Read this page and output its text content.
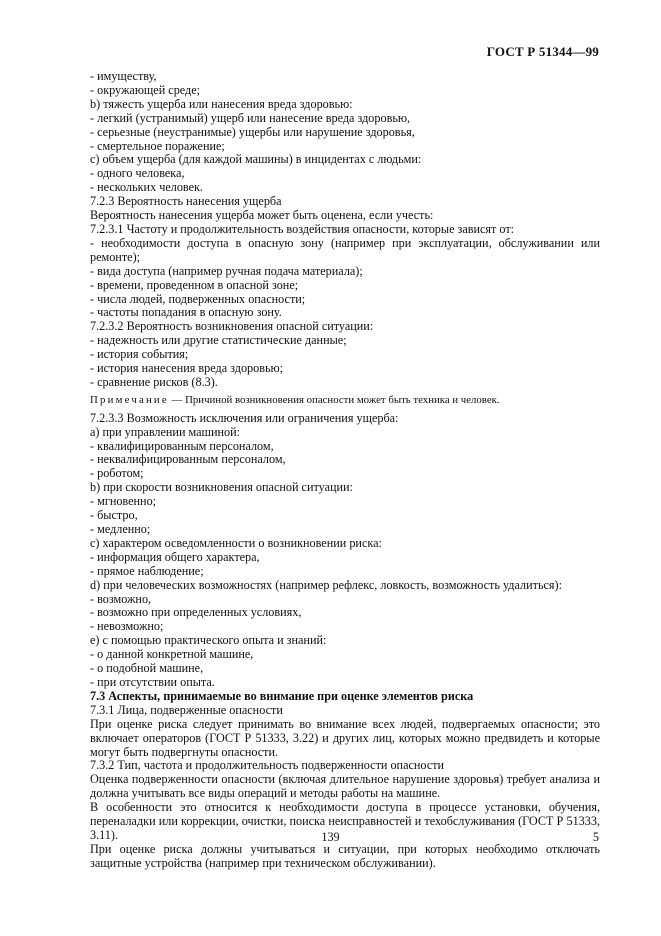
ГОСТ Р 51344—99
- имуществу,
- окружающей среде;
b) тяжесть ущерба или нанесения вреда здоровью:
- легкий (устранимый) ущерб или нанесение вреда здоровью,
- серьезные (неустранимые) ущербы или нарушение здоровья,
- смертельное поражение;
c) объем ущерба (для каждой машины) в инцидентах с людьми:
- одного человека,
- нескольких человек.
7.2.3 Вероятность нанесения ущерба
Вероятность нанесения ущерба может быть оценена, если учесть:
7.2.3.1 Частоту и продолжительность воздействия опасности, которые зависят от:
- необходимости доступа в опасную зону (например при эксплуатации, обслуживании или ремонте);
- вида доступа (например ручная подача материала);
- времени, проведенном в опасной зоне;
- числа людей, подверженных опасности;
- частоты попадания в опасную зону.
7.2.3.2 Вероятность возникновения опасной ситуации:
- надежность или другие статистические данные;
- история события;
- история нанесения вреда здоровью;
- сравнение рисков (8.3).
Примечание — Причиной возникновения опасности может быть техника и человек.
7.2.3.3 Возможность исключения или ограничения ущерба:
a) при управлении машиной:
- квалифицированным персоналом,
- неквалифицированным персоналом,
- роботом;
b) при скорости возникновения опасной ситуации:
- мгновенно;
- быстро,
- медленно;
c) характером осведомленности о возникновении риска:
- информация общего характера,
- прямое наблюдение;
d) при человеческих возможностях (например рефлекс, ловкость, возможность удалиться):
- возможно,
- возможно при определенных условиях,
- невозможно;
e) с помощью практического опыта и знаний:
- о данной конкретной машине,
- о подобной машине,
- при отсутствии опыта.
7.3 Аспекты, принимаемые во внимание при оценке элементов риска
7.3.1 Лица, подверженные опасности
При оценке риска следует принимать во внимание всех людей, подвергаемых опасности; это включает операторов (ГОСТ Р 51333, 3.22) и других лиц, которых можно предвидеть и которые могут быть подвергнуты опасности.
7.3.2 Тип, частота и продолжительность подверженности опасности
Оценка подверженности опасности (включая длительное нарушение здоровья) требует анализа и должна учитывать все виды операций и методы работы на машине.
В особенности это относится к необходимости доступа в процессе установки, обучения, переналадки или коррекции, очистки, поиска неисправностей и техобслуживания (ГОСТ Р 51333, 3.11).
При оценке риска должны учитываться и ситуации, при которых необходимо отключать защитные устройства (например при техническом обслуживании).
139	5
